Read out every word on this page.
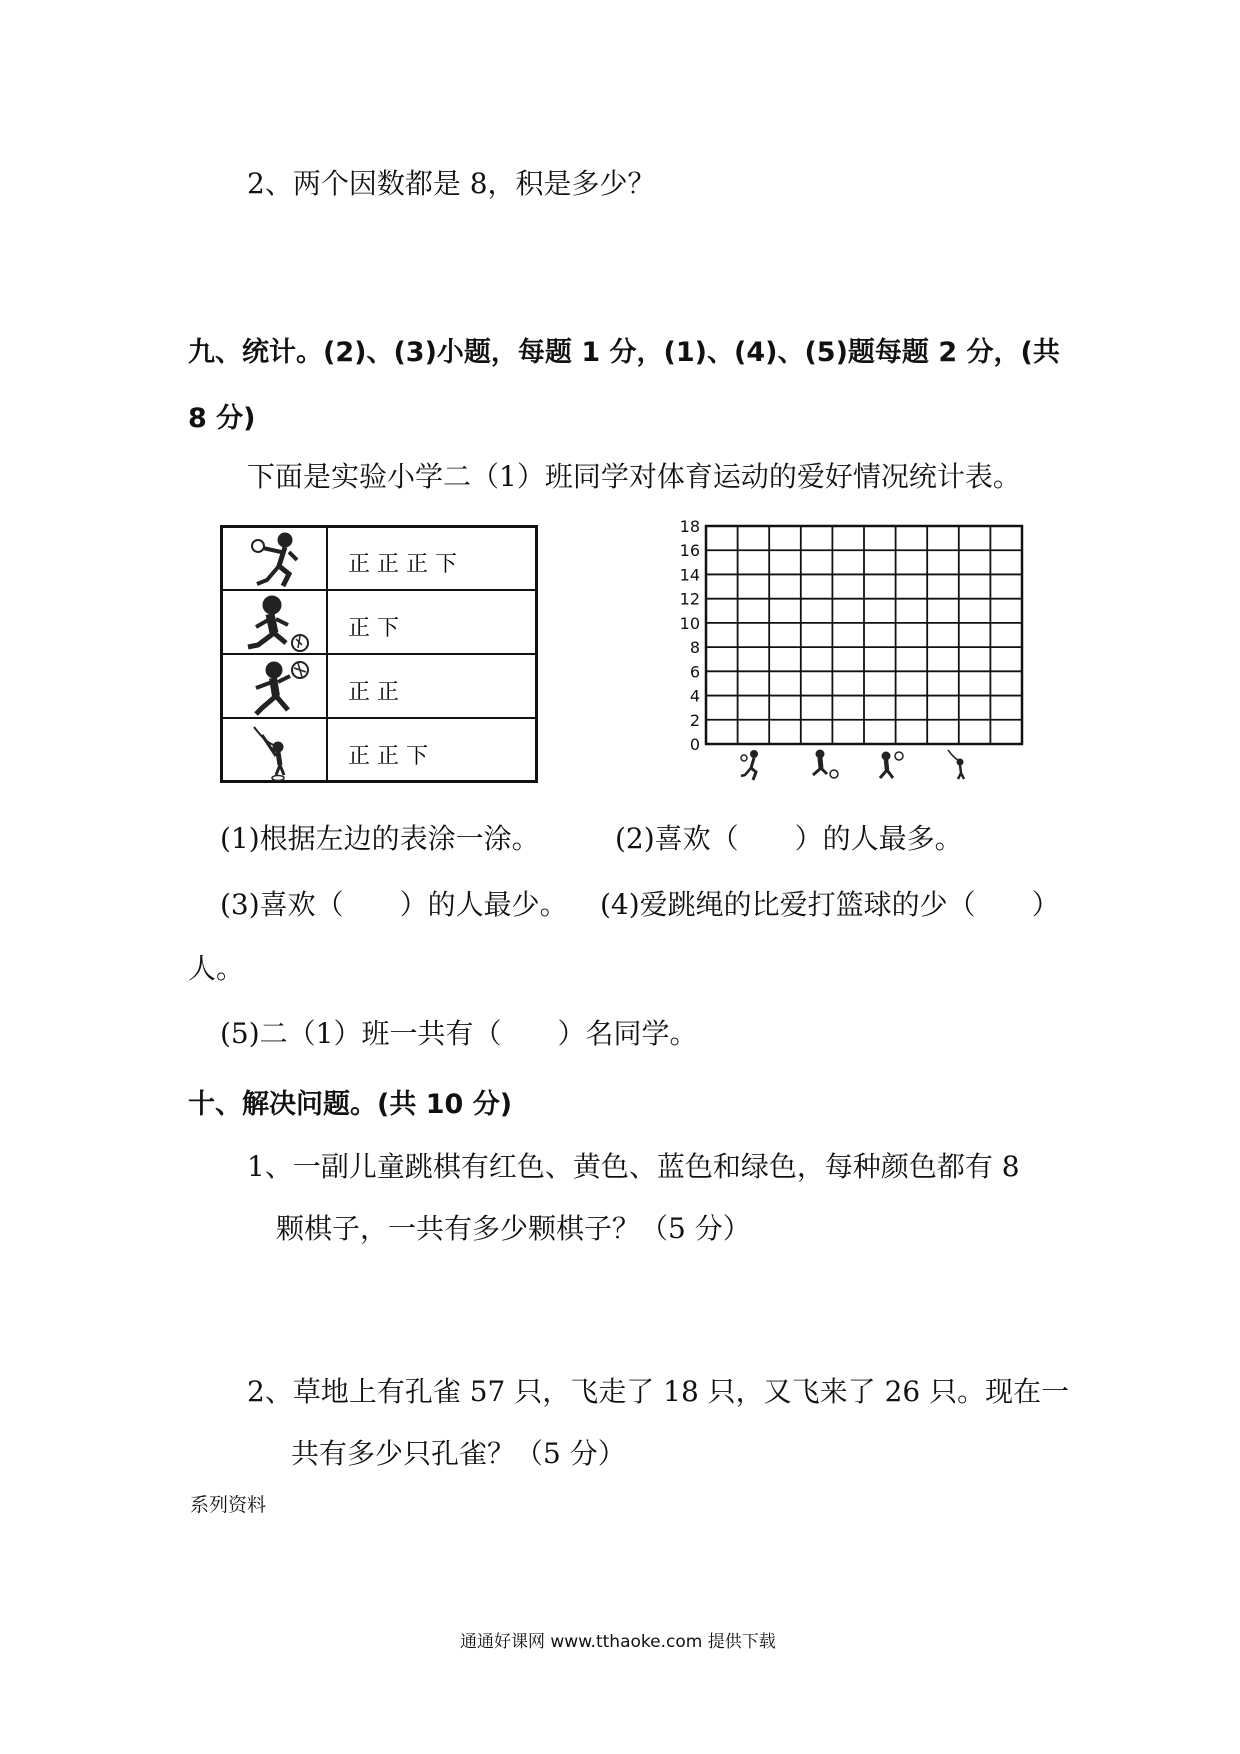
2、两个因数都是 8，积是多少？
九、统计。(2)、(3)小题，每题 1 分，(1)、(4)、(5)题每题 2 分，(共
8 分)
下面是实验小学二（1）班同学对体育运动的爱好情况统计表。
正 正 正 下
正 下
正 正
正 正 下	0
2
4
6
8
10
12
14
16
18
(1)根据左边的表涂一涂。	(2)喜欢（　　）的人最多。
(3)喜欢（　　）的人最少。 (4)爱跳绳的比爱打篮球的少（　　）
人。
(5)二（1）班一共有（　　）名同学。
十、解决问题。(共 10 分)
1、一副儿童跳棋有红色、黄色、蓝色和绿色，每种颜色都有 8
颗棋子，一共有多少颗棋子？（5 分）
2、草地上有孔雀 57 只，飞走了 18 只，又飞来了 26 只。现在一
共有多少只孔雀？（5 分）
系列资料
通通好课网 www.tthaoke.com 提供下载
